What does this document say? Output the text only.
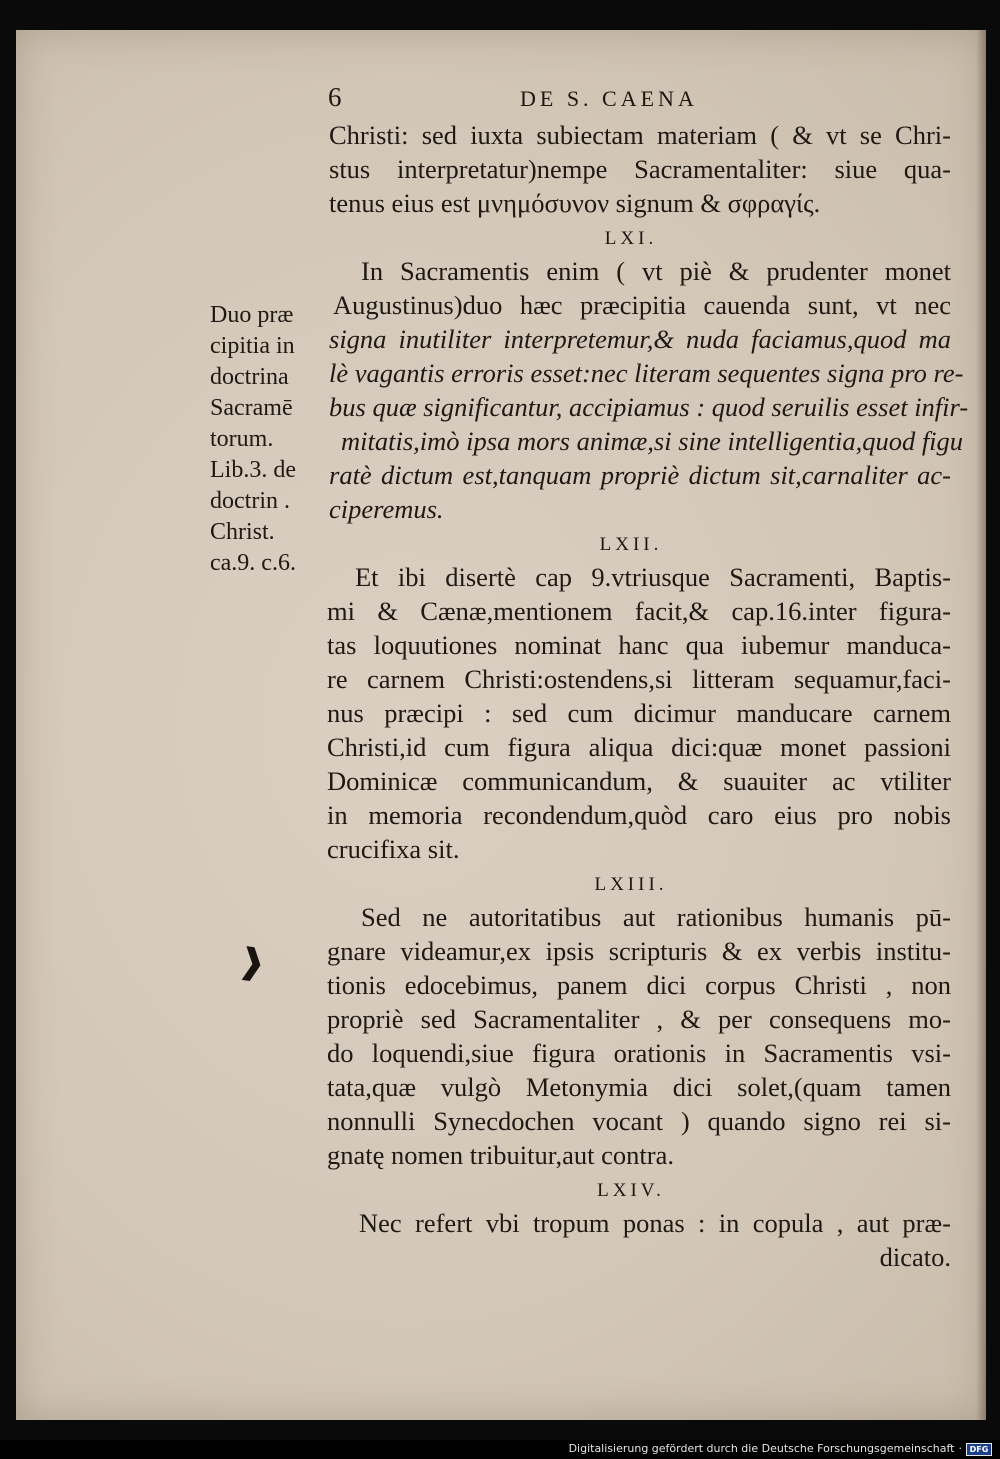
6	DE S. CAENA
Christi: sed iuxta subiectam materiam ( & vt se Chri-
stus interpretatur)nempe Sacramentaliter: siue qua-
tenus eius est μνημόσυνον signum & σφραγίς.
LXI.
In Sacramentis enim ( vt piè & prudenter monet
Augustinus)duo hæc præcipitia cauenda sunt, vt nec
signa inutiliter interpretemur,& nuda faciamus,quod ma
lè vagantis erroris esset:nec literam sequentes signa pro re-
bus quæ significantur, accipiamus : quod seruilis esset infir-
mitatis,imò ipsa mors animæ,si sine intelligentia,quod figu
ratè dictum est,tanquam propriè dictum sit,carnaliter ac-
ciperemus.
LXII.
Et ibi disertè cap 9.vtriusque Sacramenti, Baptis-
mi & Cænæ,mentionem facit,& cap.16.inter figura-
tas loquutiones nominat hanc qua iubemur manduca-
re carnem Christi:ostendens,si litteram sequamur,faci-
nus præcipi : sed cum dicimur manducare carnem
Christi,id cum figura aliqua dici:quæ monet passioni
Dominicæ communicandum, & suauiter ac vtiliter
in memoria recondendum,quòd caro eius pro nobis
crucifixa sit.
LXIII.
Sed ne autoritatibus aut rationibus humanis pū-
gnare videamur,ex ipsis scripturis & ex verbis institu-
tionis edocebimus, panem dici corpus Christi , non
propriè sed Sacramentaliter , & per consequens mo-
do loquendi,siue figura orationis in Sacramentis vsi-
tata,quæ vulgò Metonymia dici solet,(quam tamen
nonnulli Synecdochen vocant ) quando signo rei si-
gnatę nomen tribuitur,aut contra.
LXIV.
Nec refert vbi tropum ponas : in copula , aut præ-
dicato.
Duo præ
cipitia in
doctrina
Sacramē
torum.
Lib.3. de
doctrin .
Christ.
ca.9. c.6.
❱
Digitalisierung gefördert durch die Deutsche Forschungsgemeinschaft · DFG
